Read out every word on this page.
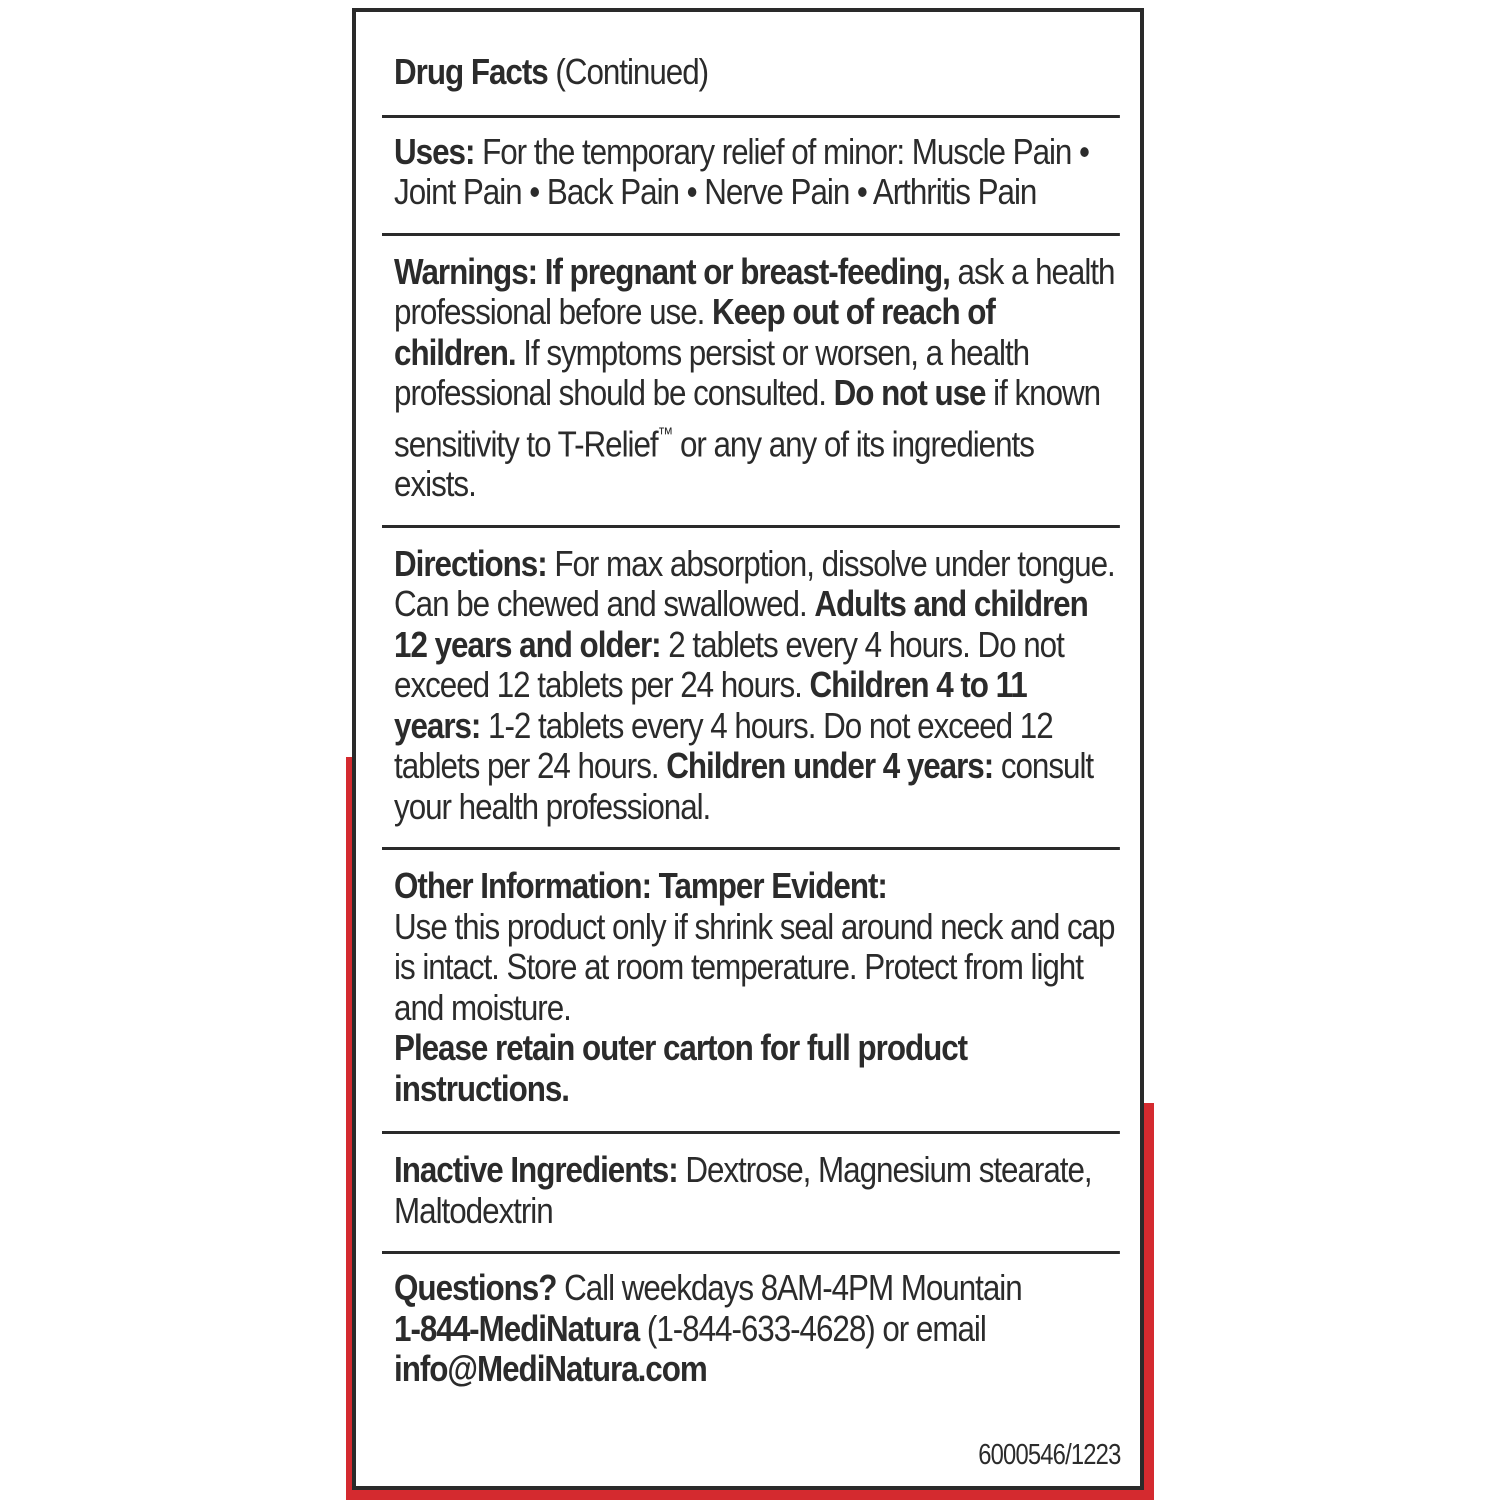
Drug Facts (Continued)
Uses: For the temporary relief of minor: Muscle Pain • Joint Pain • Back Pain • Nerve Pain • Arthritis Pain
Warnings: If pregnant or breast-feeding, ask a health professional before use. Keep out of reach of children. If symptoms persist or worsen, a health professional should be consulted. Do not use if known sensitivity to T-Relief™ or any any of its ingredients exists.
Directions: For max absorption, dissolve under tongue. Can be chewed and swallowed. Adults and children 12 years and older: 2 tablets every 4 hours. Do not exceed 12 tablets per 24 hours. Children 4 to 11 years: 1-2 tablets every 4 hours. Do not exceed 12 tablets per 24 hours. Children under 4 years: consult your health professional.
Other Information: Tamper Evident:
Use this product only if shrink seal around neck and cap is intact. Store at room temperature. Protect from light and moisture.
Please retain outer carton for full product instructions.
Inactive Ingredients: Dextrose, Magnesium stearate, Maltodextrin
Questions? Call weekdays 8AM-4PM Mountain
1-844-MediNatura (1-844-633-4628) or email
info@MediNatura.com
6000546/1223
